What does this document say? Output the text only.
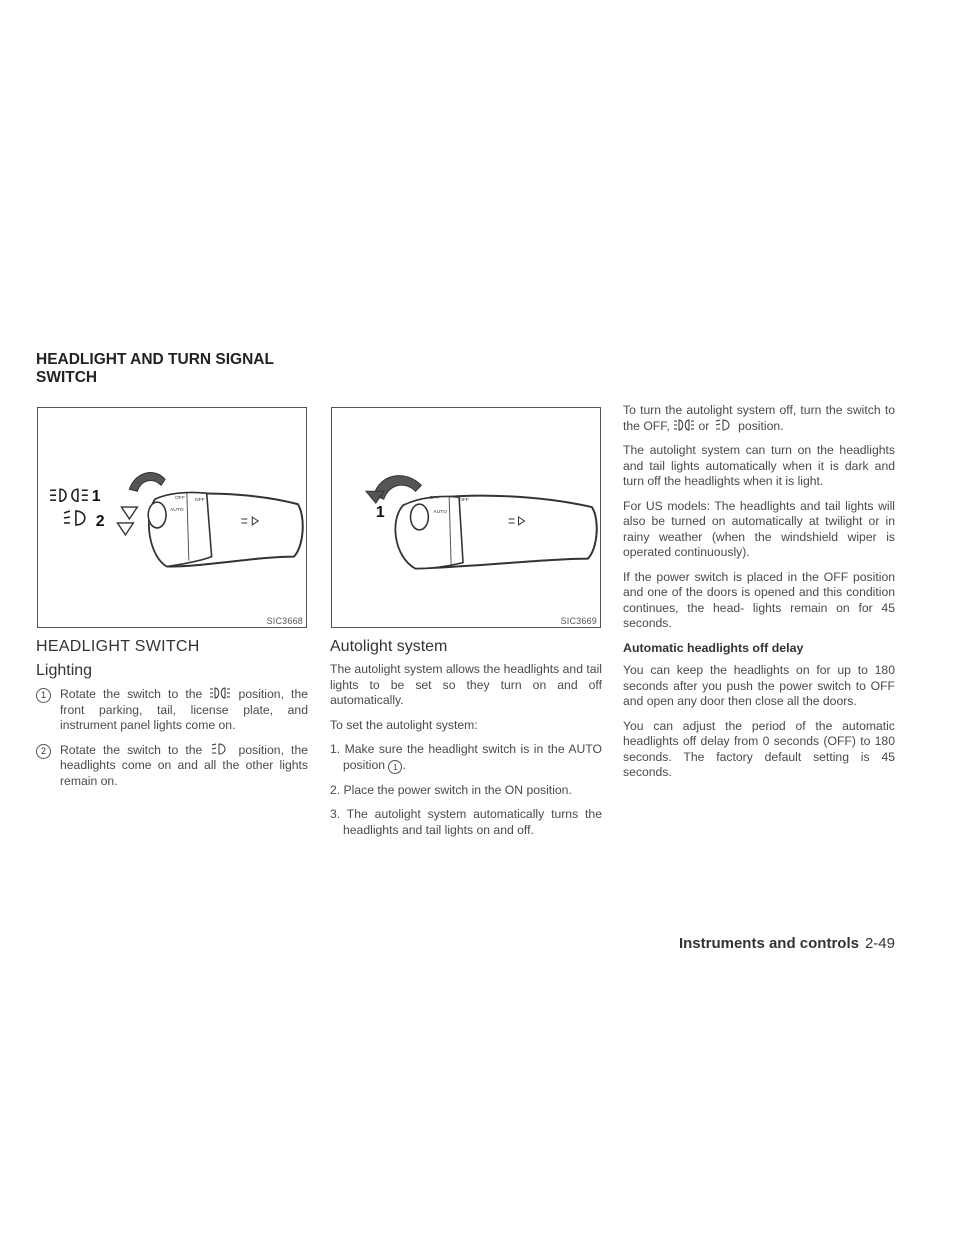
HEADLIGHT AND TURN SIGNAL
SWITCH
OFF
AUTO
OFF
1
2
SIC3668
OFF
AUTO
OFF
1
SIC3669
HEADLIGHT SWITCH
Lighting
1	Rotate the switch to the	position, the front parking, tail, license plate, and instrument panel lights come on.
2	Rotate the switch to the	position, the headlights come on and all the other lights remain on.
Autolight system

The autolight system allows the headlights and tail lights to be set so they turn on and off automatically.

To set the autolight system:

1. Make sure the headlight switch is in the AUTO position 1 .

2. Place the power switch in the ON position.

3. The autolight system automatically turns the headlights and tail lights on and off.

To turn the autolight system off, turn the switch to the OFF, or position.

The autolight system can turn on the headlights and tail lights automatically when it is dark and turn off the headlights when it is light.

For US models: The headlights and tail lights will also be turned on automatically at twilight or in rainy weather (when the windshield wiper is operated continuously).

If the power switch is placed in the OFF position and one of the doors is opened and this condition continues, the head- lights remain on for 45 seconds.

Automatic headlights off delay

You can keep the headlights on for up to 180 seconds after you push the power switch to OFF and open any door then close all the doors.

You can adjust the period of the automatic headlights off delay from 0 seconds (OFF) to 180 seconds. The factory default setting is 45 seconds.

Instruments and controls 2-49
